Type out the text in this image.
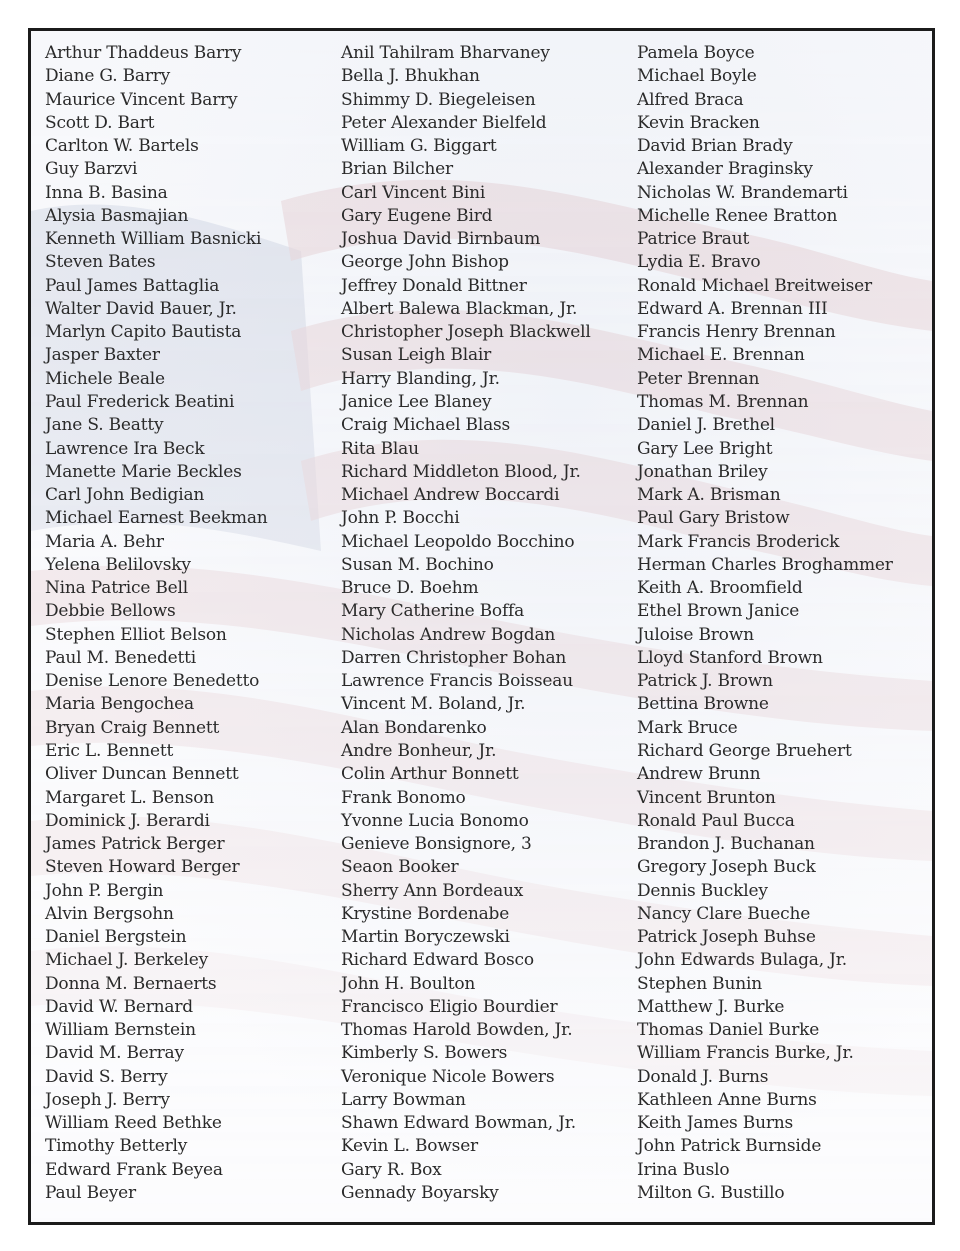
Arthur Thaddeus Barry
Diane G. Barry
Maurice Vincent Barry
Scott D. Bart
Carlton W. Bartels
Guy Barzvi
Inna B. Basina
Alysia Basmajian
Kenneth William Basnicki
Steven Bates
Paul James Battaglia
Walter David Bauer, Jr.
Marlyn Capito Bautista
Jasper Baxter
Michele Beale
Paul Frederick Beatini
Jane S. Beatty
Lawrence Ira Beck
Manette Marie Beckles
Carl John Bedigian
Michael Earnest Beekman
Maria A. Behr
Yelena Belilovsky
Nina Patrice Bell
Debbie Bellows
Stephen Elliot Belson
Paul M. Benedetti
Denise Lenore Benedetto
Maria Bengochea
Bryan Craig Bennett
Eric L. Bennett
Oliver Duncan Bennett
Margaret L. Benson
Dominick J. Berardi
James Patrick Berger
Steven Howard Berger
John P. Bergin
Alvin Bergsohn
Daniel Bergstein
Michael J. Berkeley
Donna M. Bernaerts
David W. Bernard
William Bernstein
David M. Berray
David S. Berry
Joseph J. Berry
William Reed Bethke
Timothy Betterly
Edward Frank Beyea
Paul Beyer
Anil Tahilram Bharvaney
Bella J. Bhukhan
Shimmy D. Biegeleisen
Peter Alexander Bielfeld
William G. Biggart
Brian Bilcher
Carl Vincent Bini
Gary Eugene Bird
Joshua David Birnbaum
George John Bishop
Jeffrey Donald Bittner
Albert Balewa Blackman, Jr.
Christopher Joseph Blackwell
Susan Leigh Blair
Harry Blanding, Jr.
Janice Lee Blaney
Craig Michael Blass
Rita Blau
Richard Middleton Blood, Jr.
Michael Andrew Boccardi
John P. Bocchi
Michael Leopoldo Bocchino
Susan M. Bochino
Bruce D. Boehm
Mary Catherine Boffa
Nicholas Andrew Bogdan
Darren Christopher Bohan
Lawrence Francis Boisseau
Vincent M. Boland, Jr.
Alan Bondarenko
Andre Bonheur, Jr.
Colin Arthur Bonnett
Frank Bonomo
Yvonne Lucia Bonomo
Genieve Bonsignore, 3
Seaon Booker
Sherry Ann Bordeaux
Krystine Bordenabe
Martin Boryczewski
Richard Edward Bosco
John H. Boulton
Francisco Eligio Bourdier
Thomas Harold Bowden, Jr.
Kimberly S. Bowers
Veronique Nicole Bowers
Larry Bowman
Shawn Edward Bowman, Jr.
Kevin L. Bowser
Gary R. Box
Gennady Boyarsky
Pamela Boyce
Michael Boyle
Alfred Braca
Kevin Bracken
David Brian Brady
Alexander Braginsky
Nicholas W. Brandemarti
Michelle Renee Bratton
Patrice Braut
Lydia E. Bravo
Ronald Michael Breitweiser
Edward A. Brennan III
Francis Henry Brennan
Michael E. Brennan
Peter Brennan
Thomas M. Brennan
Daniel J. Brethel
Gary Lee Bright
Jonathan Briley
Mark A. Brisman
Paul Gary Bristow
Mark Francis Broderick
Herman Charles Broghammer
Keith A. Broomfield
Ethel Brown Janice
Juloise Brown
Lloyd Stanford Brown
Patrick J. Brown
Bettina Browne
Mark Bruce
Richard George Bruehert
Andrew Brunn
Vincent Brunton
Ronald Paul Bucca
Brandon J. Buchanan
Gregory Joseph Buck
Dennis Buckley
Nancy Clare Bueche
Patrick Joseph Buhse
John Edwards Bulaga, Jr.
Stephen Bunin
Matthew J. Burke
Thomas Daniel Burke
William Francis Burke, Jr.
Donald J. Burns
Kathleen Anne Burns
Keith James Burns
John Patrick Burnside
Irina Buslo
Milton G. Bustillo
